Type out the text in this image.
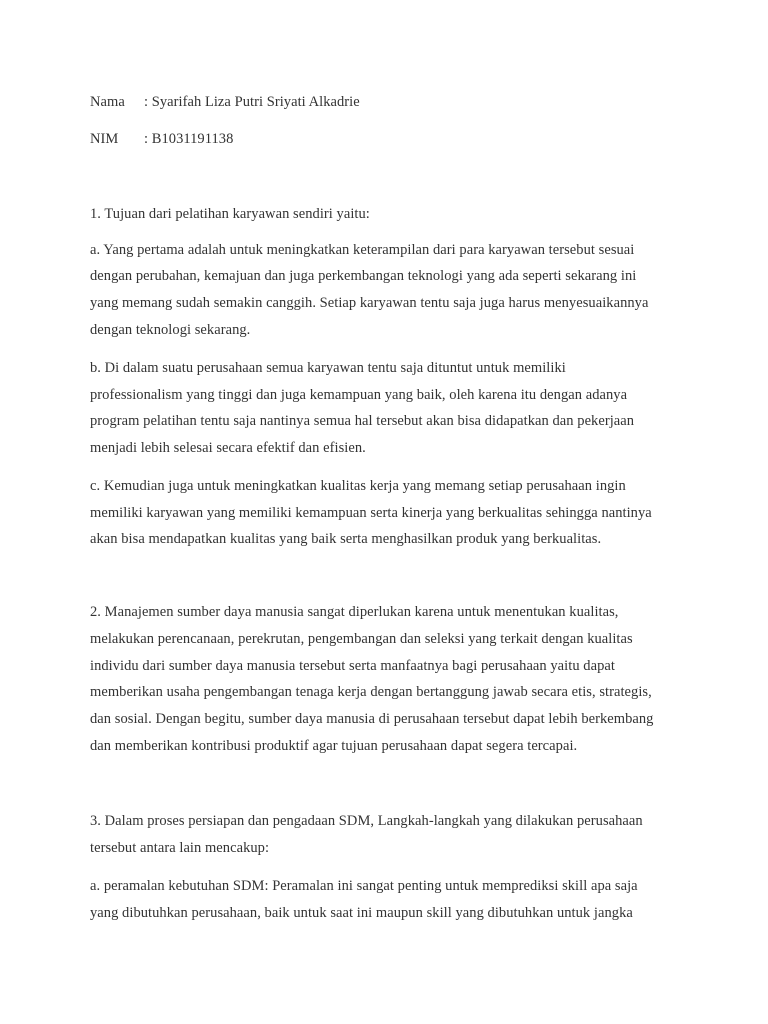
Nama : Syarifah Liza Putri Sriyati Alkadrie
NIM : B1031191138
1. Tujuan dari pelatihan karyawan sendiri yaitu:
a. Yang pertama adalah untuk meningkatkan keterampilan dari para karyawan tersebut sesuai
dengan perubahan, kemajuan dan juga perkembangan teknologi yang ada seperti sekarang ini
yang memang sudah semakin canggih. Setiap karyawan tentu saja juga harus menyesuaikannya
dengan teknologi sekarang.
b. Di dalam suatu perusahaan semua karyawan tentu saja dituntut untuk memiliki
professionalism yang tinggi dan juga kemampuan yang baik, oleh karena itu dengan adanya
program pelatihan tentu saja nantinya semua hal tersebut akan bisa didapatkan dan pekerjaan
menjadi lebih selesai secara efektif dan efisien.
c. Kemudian juga untuk meningkatkan kualitas kerja yang memang setiap perusahaan ingin
memiliki karyawan yang memiliki kemampuan serta kinerja yang berkualitas sehingga nantinya
akan bisa mendapatkan kualitas yang baik serta menghasilkan produk yang berkualitas.
2. Manajemen sumber daya manusia sangat diperlukan karena untuk menentukan kualitas,
melakukan perencanaan, perekrutan, pengembangan dan seleksi yang terkait dengan kualitas
individu dari sumber daya manusia tersebut serta manfaatnya bagi perusahaan yaitu dapat
memberikan usaha pengembangan tenaga kerja dengan bertanggung jawab secara etis, strategis,
dan sosial. Dengan begitu, sumber daya manusia di perusahaan tersebut dapat lebih berkembang
dan memberikan kontribusi produktif agar tujuan perusahaan dapat segera tercapai.
3. Dalam proses persiapan dan pengadaan SDM, Langkah-langkah yang dilakukan perusahaan
tersebut antara lain mencakup:
a. peramalan kebutuhan SDM: Peramalan ini sangat penting untuk memprediksi skill apa saja
yang dibutuhkan perusahaan, baik untuk saat ini maupun skill yang dibutuhkan untuk jangka
